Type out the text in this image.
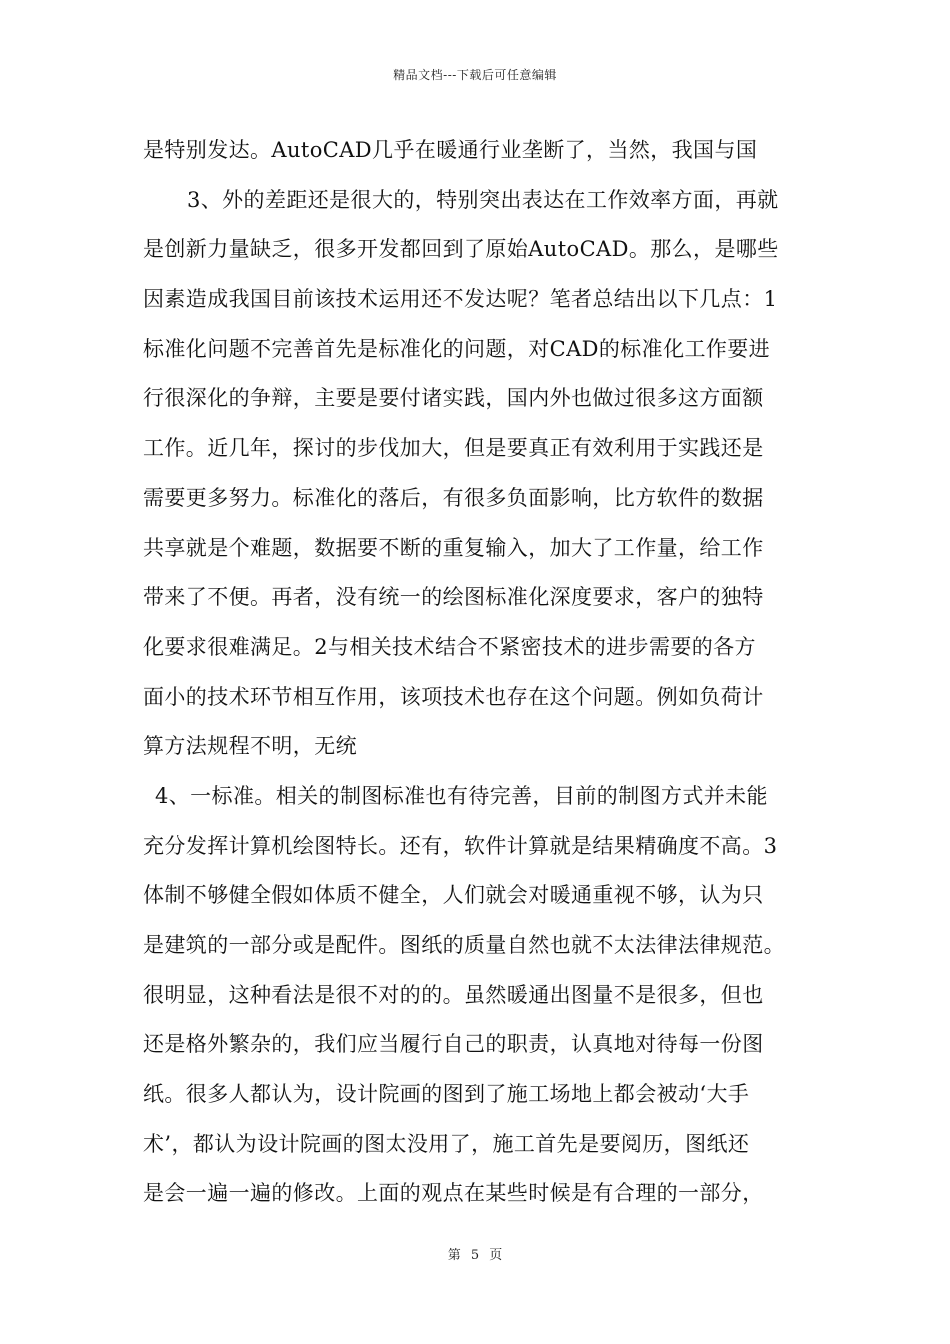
精品文档---下载后可任意编辑
是特别发达。AutoCAD几乎在暖通行业垄断了，当然，我国与国
3、外的差距还是很大的，特别突出表达在工作效率方面，再就
是创新力量缺乏，很多开发都回到了原始AutoCAD。那么，是哪些
因素造成我国目前该技术运用还不发达呢？笔者总结出以下几点：1
标准化问题不完善首先是标准化的问题，对CAD的标准化工作要进
行很深化的争辩，主要是要付诸实践，国内外也做过很多这方面额
工作。近几年，探讨的步伐加大，但是要真正有效利用于实践还是
需要更多努力。标准化的落后，有很多负面影响，比方软件的数据
共享就是个难题，数据要不断的重复输入，加大了工作量，给工作
带来了不便。再者，没有统一的绘图标准化深度要求，客户的独特
化要求很难满足。2与相关技术结合不紧密技术的进步需要的各方
面小的技术环节相互作用，该项技术也存在这个问题。例如负荷计
算方法规程不明，无统
4、一标准。相关的制图标准也有待完善，目前的制图方式并未能
充分发挥计算机绘图特长。还有，软件计算就是结果精确度不高。3
体制不够健全假如体质不健全，人们就会对暖通重视不够，认为只
是建筑的一部分或是配件。图纸的质量自然也就不太法律法律规范。
很明显，这种看法是很不对的的。虽然暖通出图量不是很多，但也
还是格外繁杂的，我们应当履行自己的职责，认真地对待每一份图
纸。很多人都认为，设计院画的图到了施工场地上都会被动‘大手
术’，都认为设计院画的图太没用了，施工首先是要阅历，图纸还
是会一遍一遍的修改。上面的观点在某些时候是有合理的一部分，
第 5 页
